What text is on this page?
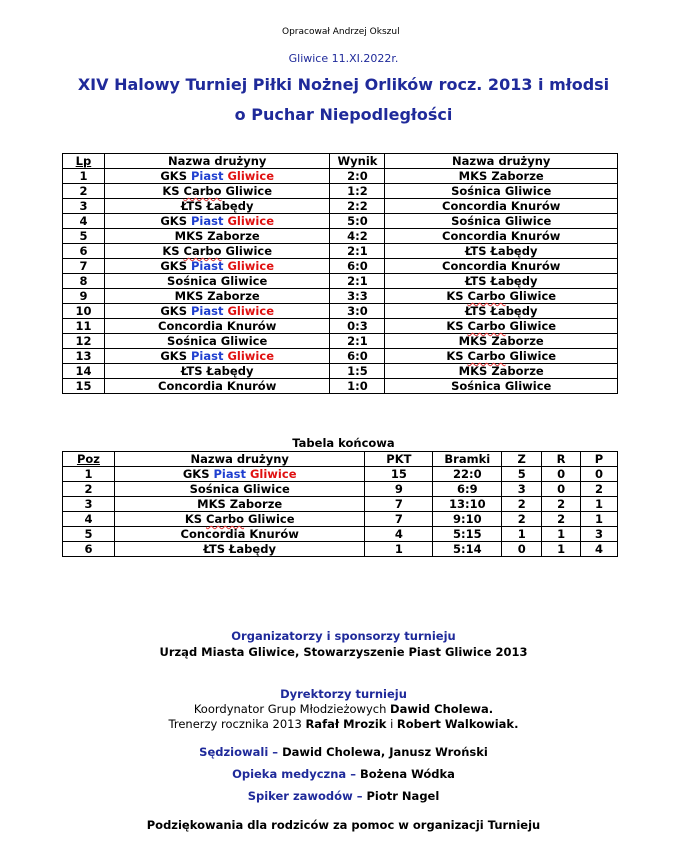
Opracował Andrzej Okszul
Gliwice 11.XI.2022r.
XIV Halowy Turniej Piłki Nożnej Orlików rocz. 2013 i młodsi
o Puchar Niepodległości
Lp	Nazwa drużyny	Wynik	Nazwa drużyny
1	GKS Piast Gliwice	2:0	MKS Zaborze
2	KS Carbo Gliwice	1:2	Sośnica Gliwice
3	ŁTS Łabędy	2:2	Concordia Knurów
4	GKS Piast Gliwice	5:0	Sośnica Gliwice
5	MKS Zaborze	4:2	Concordia Knurów
6	KS Carbo Gliwice	2:1	ŁTS Łabędy
7	GKS Piast Gliwice	6:0	Concordia Knurów
8	Sośnica Gliwice	2:1	ŁTS Łabędy
9	MKS Zaborze	3:3	KS Carbo Gliwice
10	GKS Piast Gliwice	3:0	ŁTS Łabędy
11	Concordia Knurów	0:3	KS Carbo Gliwice
12	Sośnica Gliwice	2:1	MKS Zaborze
13	GKS Piast Gliwice	6:0	KS Carbo Gliwice
14	ŁTS Łabędy	1:5	MKS Zaborze
15	Concordia Knurów	1:0	Sośnica Gliwice
Tabela końcowa
Poz	Nazwa drużyny	PKT	Bramki	Z	R	P
1	GKS Piast Gliwice	15	22:0	5	0	0
2	Sośnica Gliwice	9	6:9	3	0	2
3	MKS Zaborze	7	13:10	2	2	1
4	KS Carbo Gliwice	7	9:10	2	2	1
5	Concordia Knurów	4	5:15	1	1	3
6	ŁTS Łabędy	1	5:14	0	1	4
Organizatorzy i sponsorzy turnieju
Urząd Miasta Gliwice, Stowarzyszenie Piast Gliwice 2013
Dyrektorzy turnieju
Koordynator Grup Młodzieżowych Dawid Cholewa.
Trenerzy rocznika 2013 Rafał Mrozik i Robert Walkowiak.
Sędziowali – Dawid Cholewa, Janusz Wroński
Opieka medyczna – Bożena Wódka
Spiker zawodów – Piotr Nagel
Podziękowania dla rodziców za pomoc w organizacji Turnieju
